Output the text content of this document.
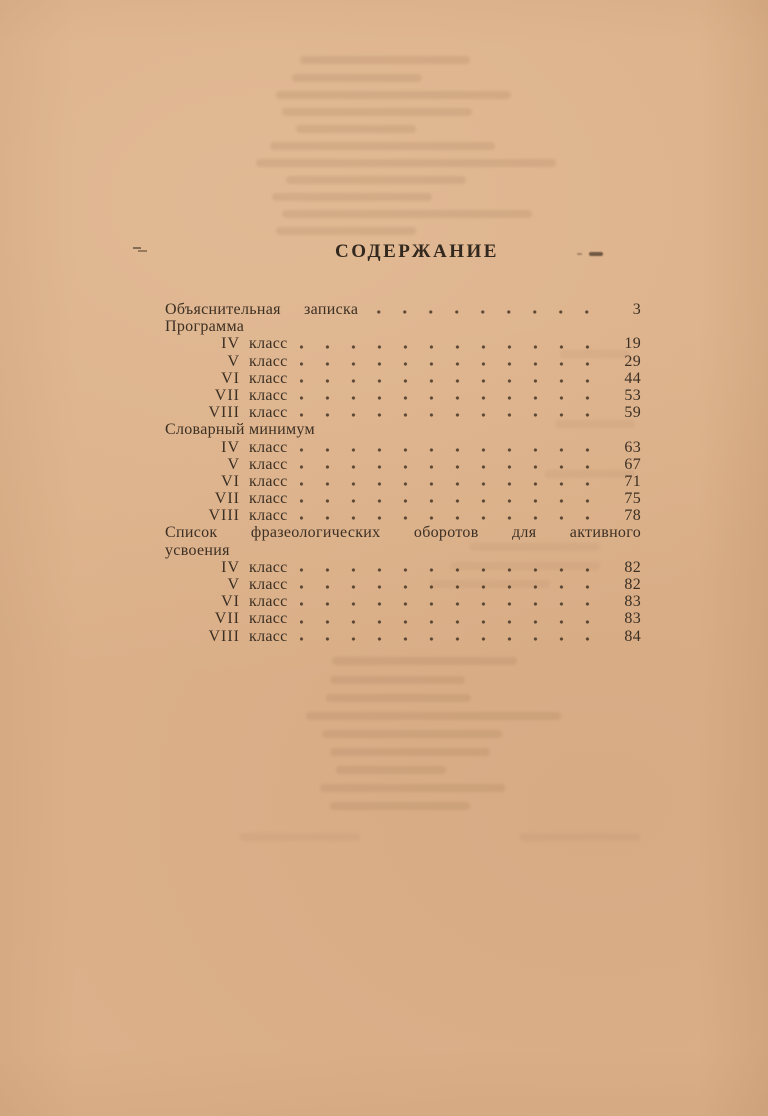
СОДЕРЖАНИЕ
Объяснительная записка	3
Программа
IV класс	19
V класс	29
VI класс	44
VII класс	53
VIII класс	59
Словарный минимум
IV класс	63
V класс	67
VI класс	71
VII класс	75
VIII класс	78
Список фразеологических оборотов для активного
усвоения
IV класс	82
V класс	82
VI класс	83
VII класс	83
VIII класс	84
